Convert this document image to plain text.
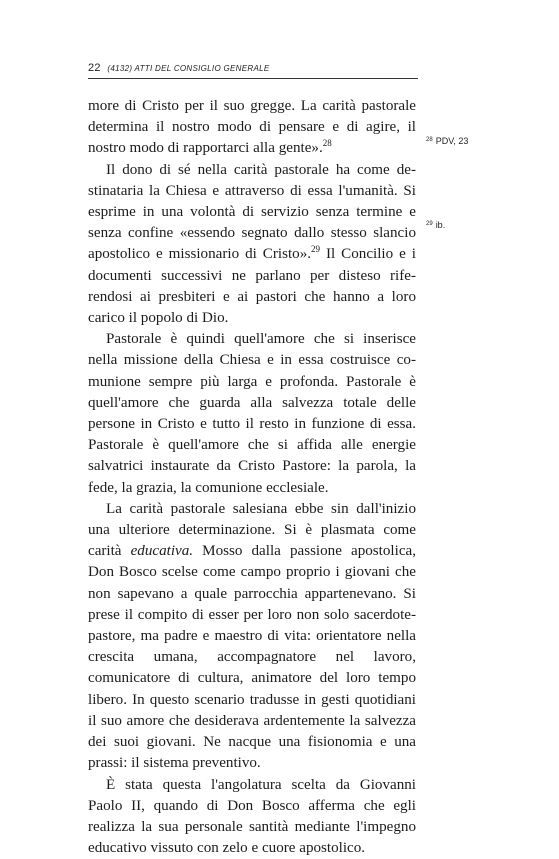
22 (4132) ATTI DEL CONSIGLIO GENERALE

more di Cristo per il suo gregge. La carità pastorale determina il nostro modo di pensare e di agire, il nostro modo di rapportarci alla gente».$^{28}$

Il dono di sé nella carità pastorale ha come destinataria la Chiesa e attraverso di essa l'umanità. Si esprime in una volontà di servizio senza termine e senza confine «essendo segnato dallo stesso slancio apostolico e missionario di Cristo».$^{29}$ Il Concilio e i documenti successivi ne parlano per disteso riferendosi ai presbiteri e ai pastori che hanno a loro carico il popolo di Dio.

Pastorale è quindi quell'amore che si inserisce nella missione della Chiesa e in essa costruisce comunione sempre più larga e profonda. Pastorale è quell'amore che guarda alla salvezza totale delle persone in Cristo e tutto il resto in funzione di essa. Pastorale è quell'amore che si affida alle energie salvatrici instaurate da Cristo Pastore: la parola, la fede, la grazia, la comunione ecclesiale.

La carità pastorale salesiana ebbe sin dall'inizio una ulteriore determinazione. Si è plasmata come carità educativa. Mosso dalla passione apostolica, Don Bosco scelse come campo proprio i giovani che non sapevano a quale parrocchia appartenevano. Si prese il compito di esser per loro non solo sacerdote-pastore, ma padre e maestro di vita: orientatore nella crescita umana, accompagnatore nel lavoro, comunicatore di cultura, animatore del loro tempo libero. In questo scenario tradusse in gesti quotidiani il suo amore che desiderava ardentemente la salvezza dei suoi giovani. Ne nacque una fisionomia e una prassi: il sistema preventivo.

È stata questa l'angolatura scelta da Giovanni Paolo II, quando di Don Bosco afferma che egli realizza la sua personale santità mediante l'impegno educativo vissuto con zelo e cuore apostolico.

$^{28}$ PDV, 23
$^{29}$ ib.
